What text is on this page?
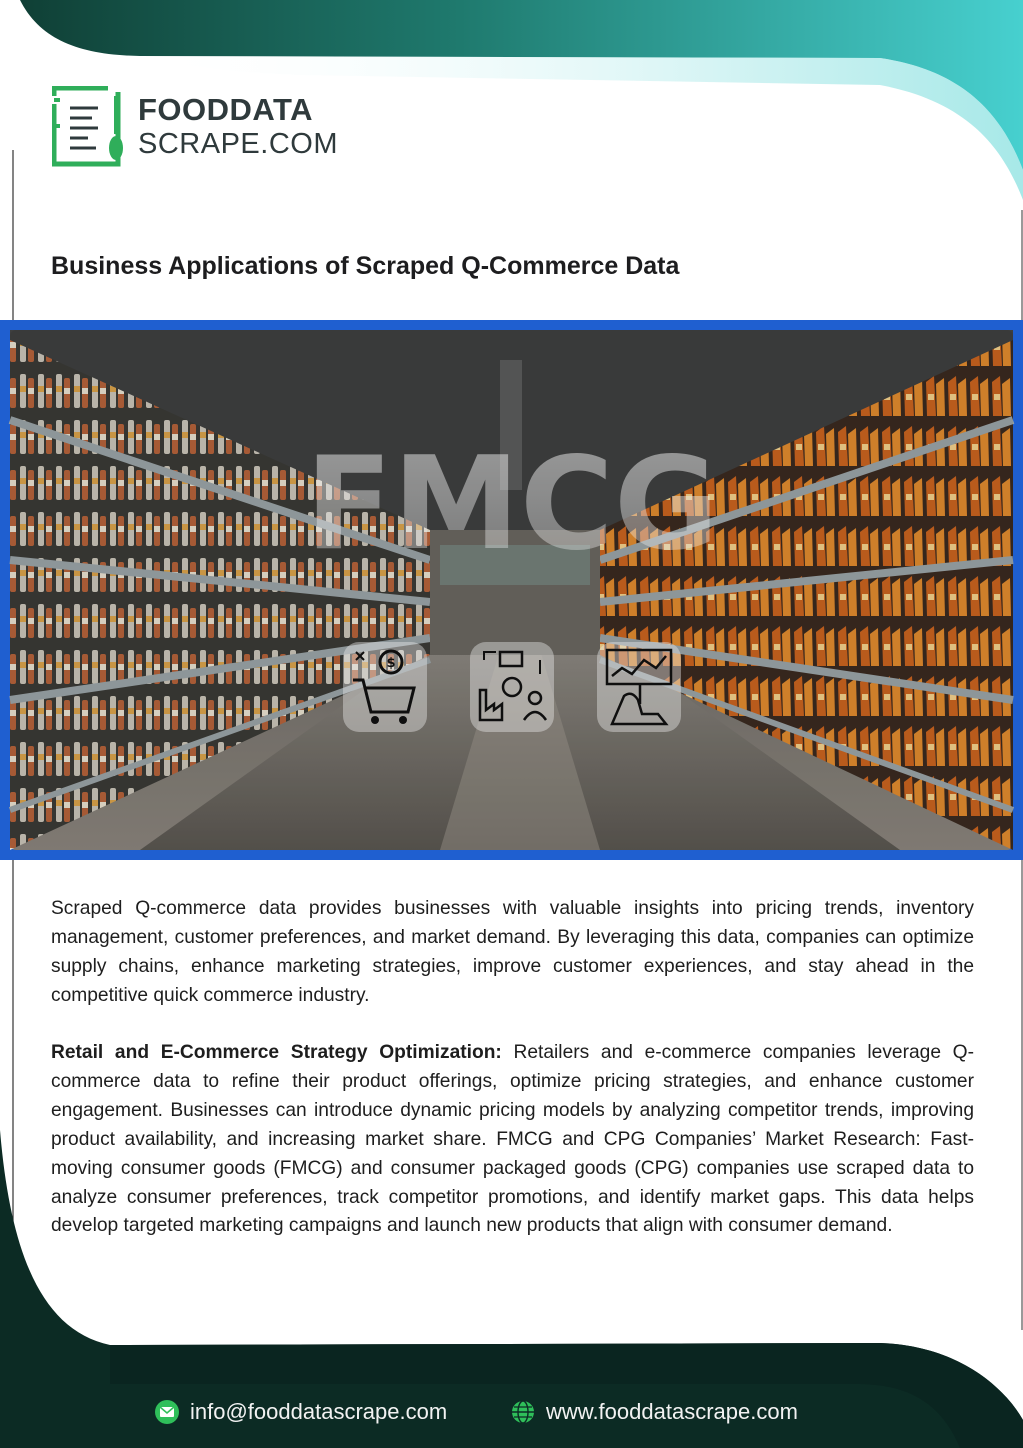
FOODDATA
SCRAPE.COM
Business Applications of Scraped Q-Commerce Data
FMCG
$
Scraped Q-commerce data provides businesses with valuable insights into pricing trends, inventory management, customer preferences, and market demand. By leveraging this data, companies can optimize supply chains, enhance marketing strategies, improve customer experiences, and stay ahead in the competitive quick commerce industry.
Retail and E-Commerce Strategy Optimization: Retailers and e-commerce companies leverage Q-commerce data to refine their product offerings, optimize pricing strategies, and enhance customer engagement. Businesses can introduce dynamic pricing models by analyzing competitor trends, improving product availability, and increasing market share. FMCG and CPG Companies’ Market Research: Fast-moving consumer goods (FMCG) and consumer packaged goods (CPG) companies use scraped data to analyze consumer preferences, track competitor promotions, and identify market gaps. This data helps develop targeted marketing campaigns and launch new products that align with consumer demand.
info@fooddatascrape.com	www.fooddatascrape.com
